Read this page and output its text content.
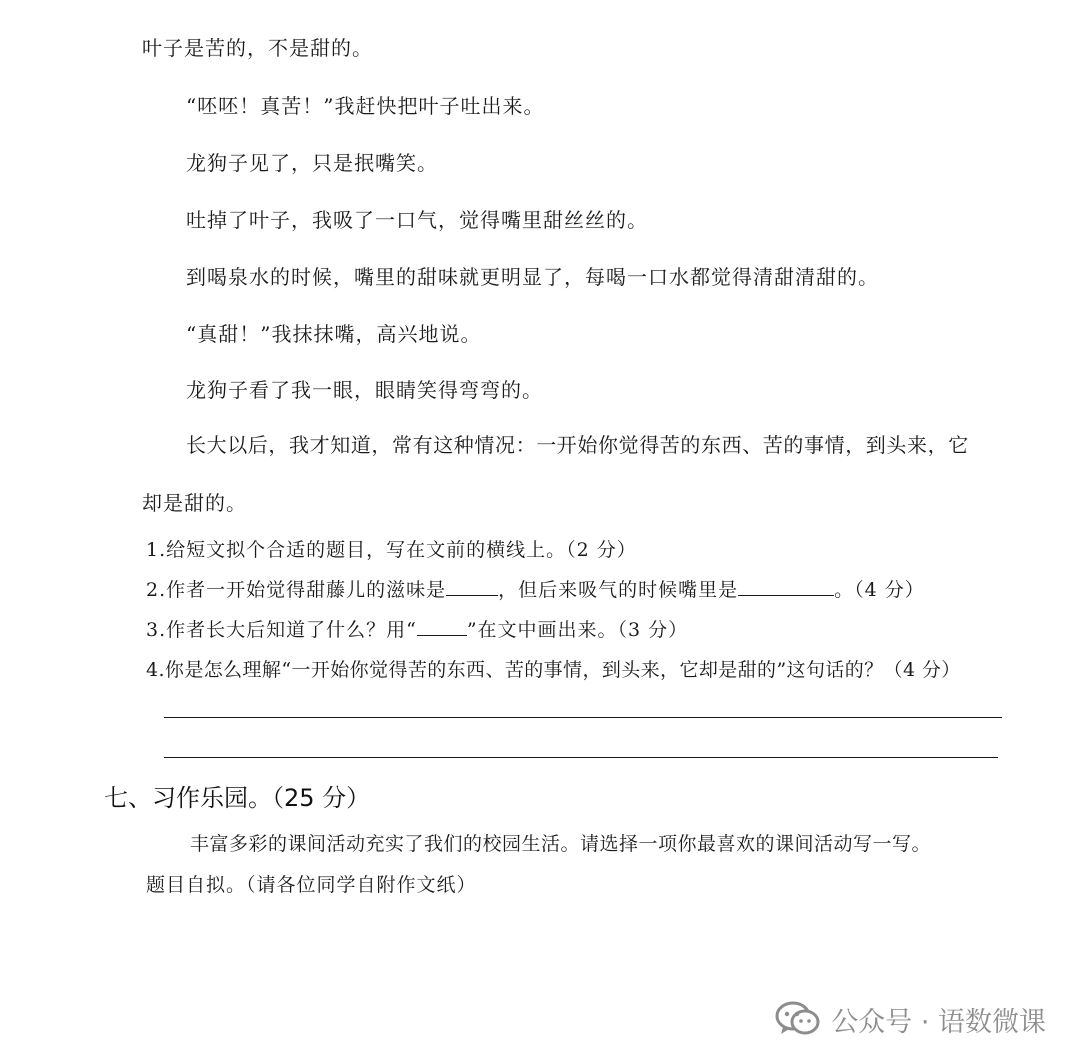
叶子是苦的，不是甜的。
“呸呸！真苦！”我赶快把叶子吐出来。
龙狗子见了，只是抿嘴笑。
吐掉了叶子，我吸了一口气，觉得嘴里甜丝丝的。
到喝泉水的时候，嘴里的甜味就更明显了，每喝一口水都觉得清甜清甜的。
“真甜！”我抹抹嘴，高兴地说。
龙狗子看了我一眼，眼睛笑得弯弯的。
长大以后，我才知道，常有这种情况：一开始你觉得苦的东西、苦的事情，到头来，它
却是甜的。
1.给短文拟个合适的题目，写在文前的横线上。（2 分）
2.作者一开始觉得甜藤儿的滋味是	，但后来吸气的时候嘴里是	。（4 分）
3.作者长大后知道了什么？用“	”在文中画出来。（3 分）
4.你是怎么理解“一开始你觉得苦的东西、苦的事情，到头来，它却是甜的”这句话的？（4 分）
七、习作乐园。（25 分）
丰富多彩的课间活动充实了我们的校园生活。请选择一项你最喜欢的课间活动写一写。
题目自拟。（请各位同学自附作文纸）
公众号 · 语数微课
